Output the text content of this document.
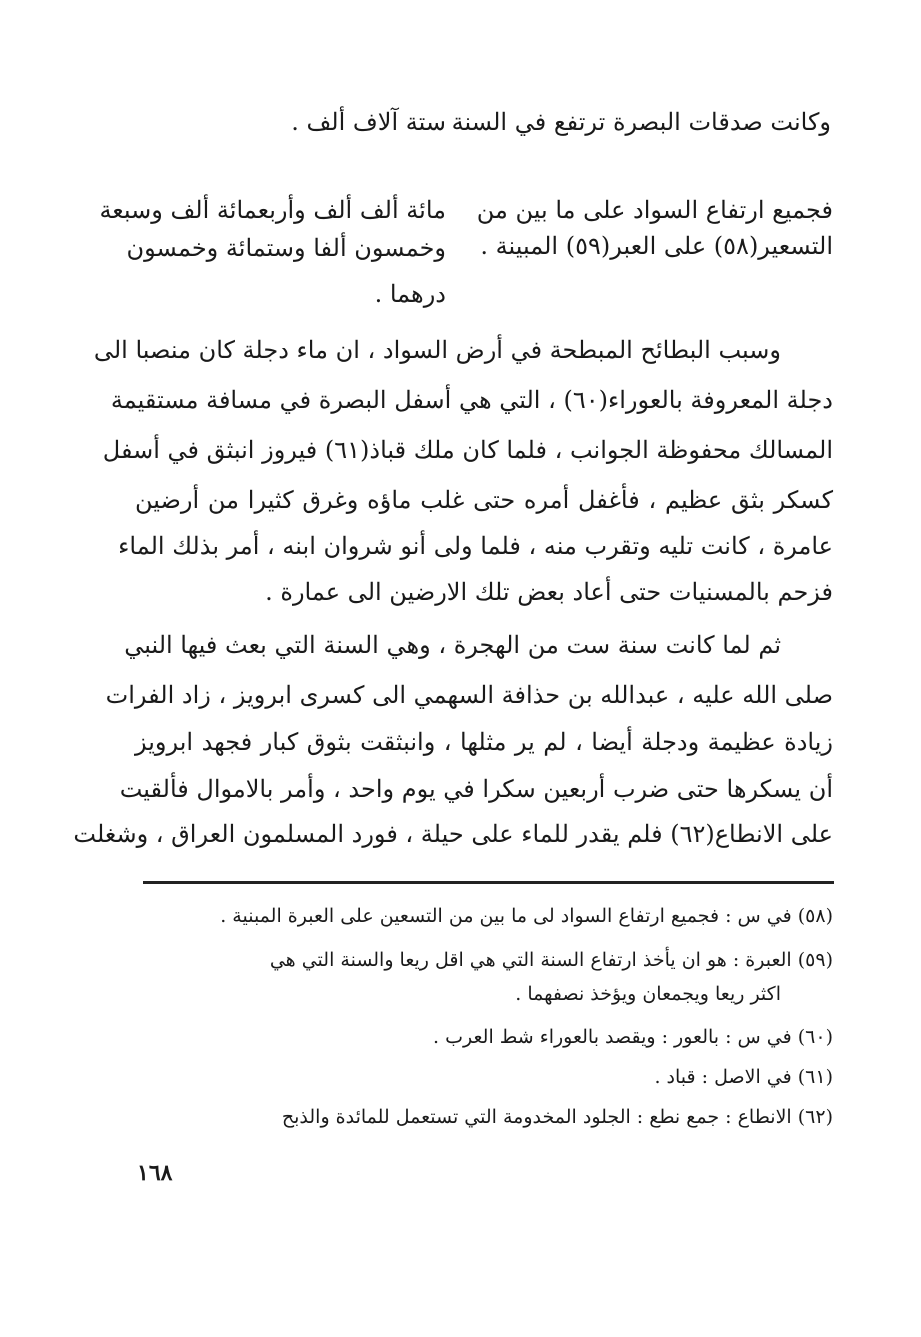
وكانت صدقات البصرة ترتفع في السنة
ستة آلاف ألف .
فجميع ارتفاع السواد على ما بين من
التسعير(٥٨) على العبر(٥٩) المبينة .
مائة ألف ألف وأربعمائة ألف وسبعة
وخمسون ألفا وستمائة وخمسون
درهما .
وسبب البطائح المبطحة في أرض السواد ، ان ماء دجلة كان منصبا الى
دجلة المعروفة بالعوراء(٦٠) ، التي هي أسفل البصرة في مسافة مستقيمة
المسالك محفوظة الجوانب ، فلما كان ملك قباذ(٦١) فيروز انبثق في أسفل
كسكر بثق عظيم ، فأغفل أمره حتى غلب ماؤه وغرق كثيرا من أرضين
عامرة ، كانت تليه وتقرب منه ، فلما ولى أنو شروان ابنه ، أمر بذلك الماء
فزحم بالمسنيات حتى أعاد بعض تلك الارضين الى عمارة .
ثم لما كانت سنة ست من الهجرة ، وهي السنة التي بعث فيها النبي
صلى الله عليه ، عبدالله بن حذافة السهمي الى كسرى ابرويز ، زاد الفرات
زيادة عظيمة ودجلة أيضا ، لم ير مثلها ، وانبثقت بثوق كبار فجهد ابرويز
أن يسكرها حتى ضرب أربعين سكرا في يوم واحد ، وأمر بالاموال فألقيت
على الانطاع(٦٢) فلم يقدر للماء على حيلة ، فورد المسلمون العراق ، وشغلت
(٥٨) في س : فجميع ارتفاع السواد لى ما بين من التسعين على العبرة المبنية .
(٥٩) العبرة : هو ان يأخذ ارتفاع السنة التي هي اقل ريعا والسنة التي هي
اكثر ريعا ويجمعان ويؤخذ نصفهما .
(٦٠) في س : بالعور : ويقصد بالعوراء شط العرب .
(٦١) في الاصل : قباد .
(٦٢) الانطاع : جمع نطع : الجلود المخدومة التي تستعمل للمائدة والذبح
١٦٨
